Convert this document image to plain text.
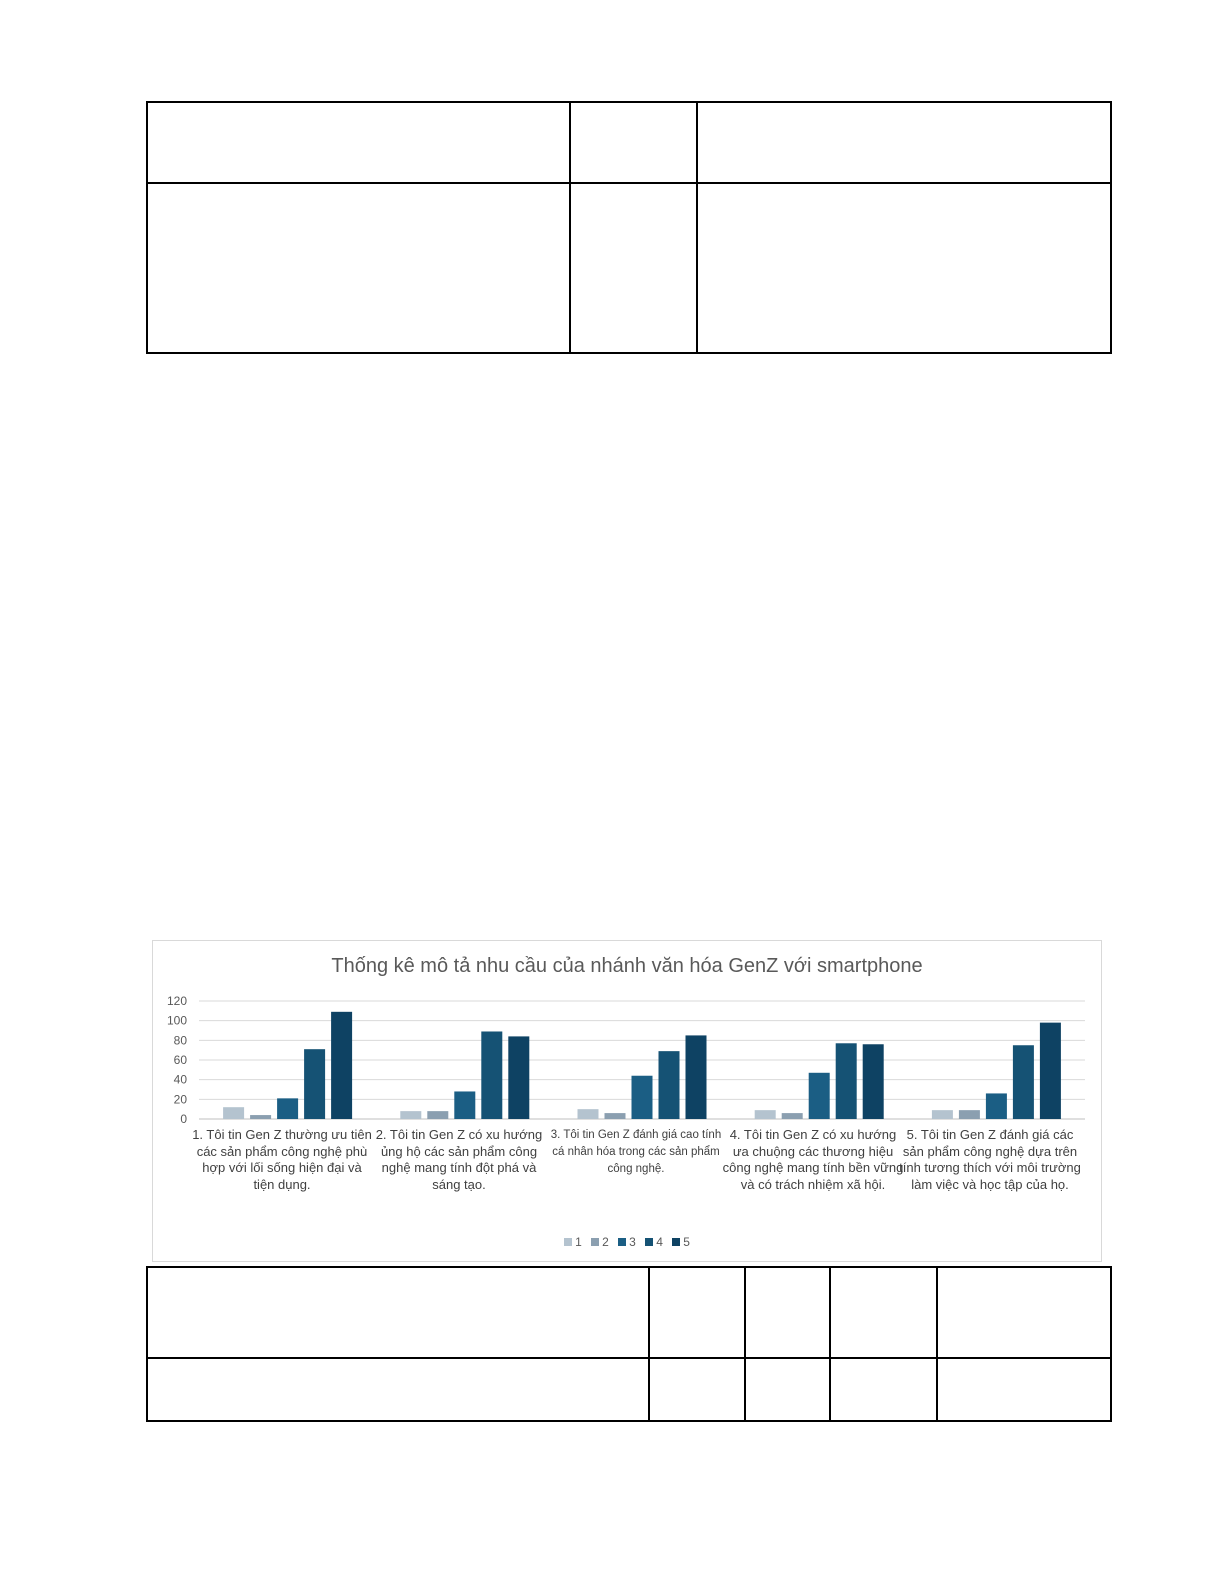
0
20
40
60
80
100
120
Thống kê mô tả nhu cầu của nhánh văn hóa GenZ với smartphone
1. Tôi tin Gen Z thường ưu tiên các sản phẩm công nghệ phù hợp với lối sống hiện đại và tiện dụng.
2. Tôi tin Gen Z có xu hướng ủng hộ các sản phẩm công nghệ mang tính đột phá và sáng tạo.
3. Tôi tin Gen Z đánh giá cao tính cá nhân hóa trong các sản phẩm công nghệ.
4. Tôi tin Gen Z có xu hướng ưa chuộng các thương hiệu công nghệ mang tính bền vững và có trách nhiệm xã hội.
5. Tôi tin Gen Z đánh giá các sản phẩm công nghệ dựa trên tính tương thích với môi trường làm việc và học tập của họ.
1 2 3 4 5
